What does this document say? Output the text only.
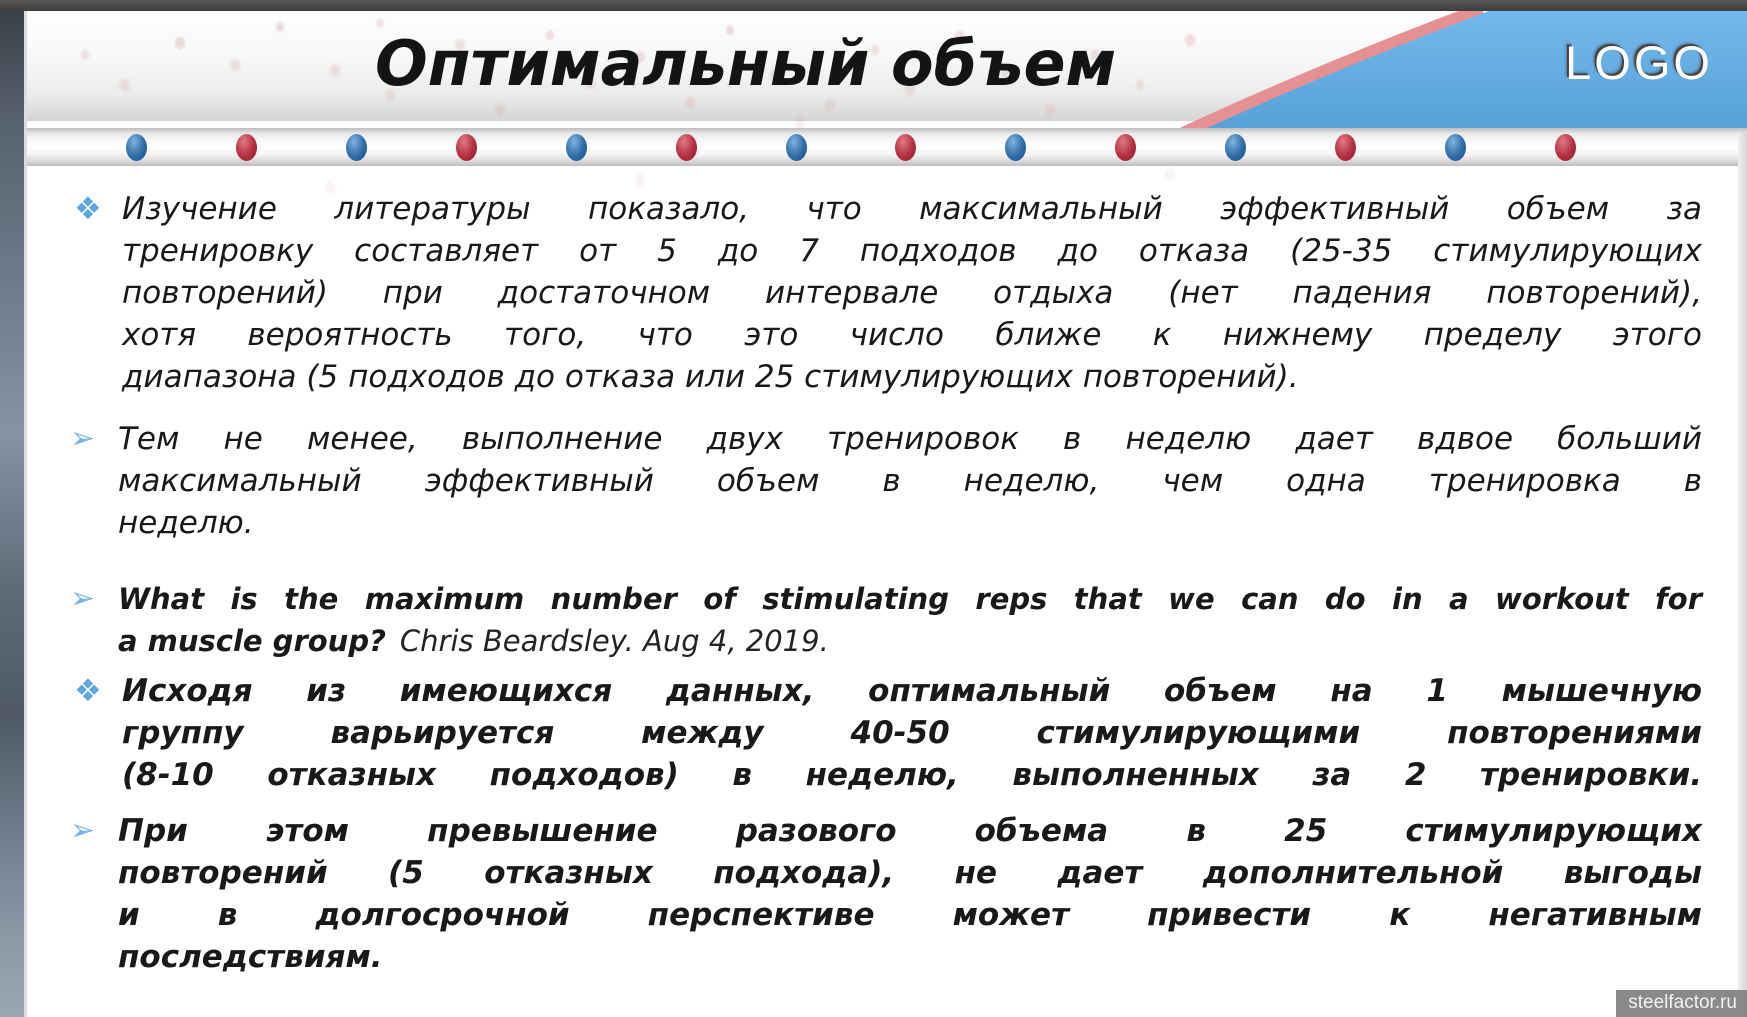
Оптимальный объем	LOGO
❖ Изучение литературы показало, что максимальный эффективный объем за
тренировку составляет от 5 до 7 подходов до отказа (25-35 стимулирующих
повторений) при достаточном интервале отдыха (нет падения повторений),
хотя вероятность того, что это число ближе к нижнему пределу этого
диапазона (5 подходов до отказа или 25 стимулирующих повторений).
➢ Тем не менее, выполнение двух тренировок в неделю дает вдвое больший
максимальный эффективный объем в неделю, чем одна тренировка в
неделю.
➢ What is the maximum number of stimulating reps that we can do in a workout for
a muscle group? Chris Beardsley. Aug 4, 2019.
❖ Исходя из имеющихся данных, оптимальный объем на 1 мышечную
группу варьируется между 40-50 стимулирующими повторениями
(8-10 отказных подходов) в неделю, выполненных за 2 тренировки.
➢ При этом превышение разового объема в 25 стимулирующих
повторений (5 отказных подхода), не дает дополнительной выгоды
и в долгосрочной перспективе может привести к негативным
последствиям.
steelfactor.ru
